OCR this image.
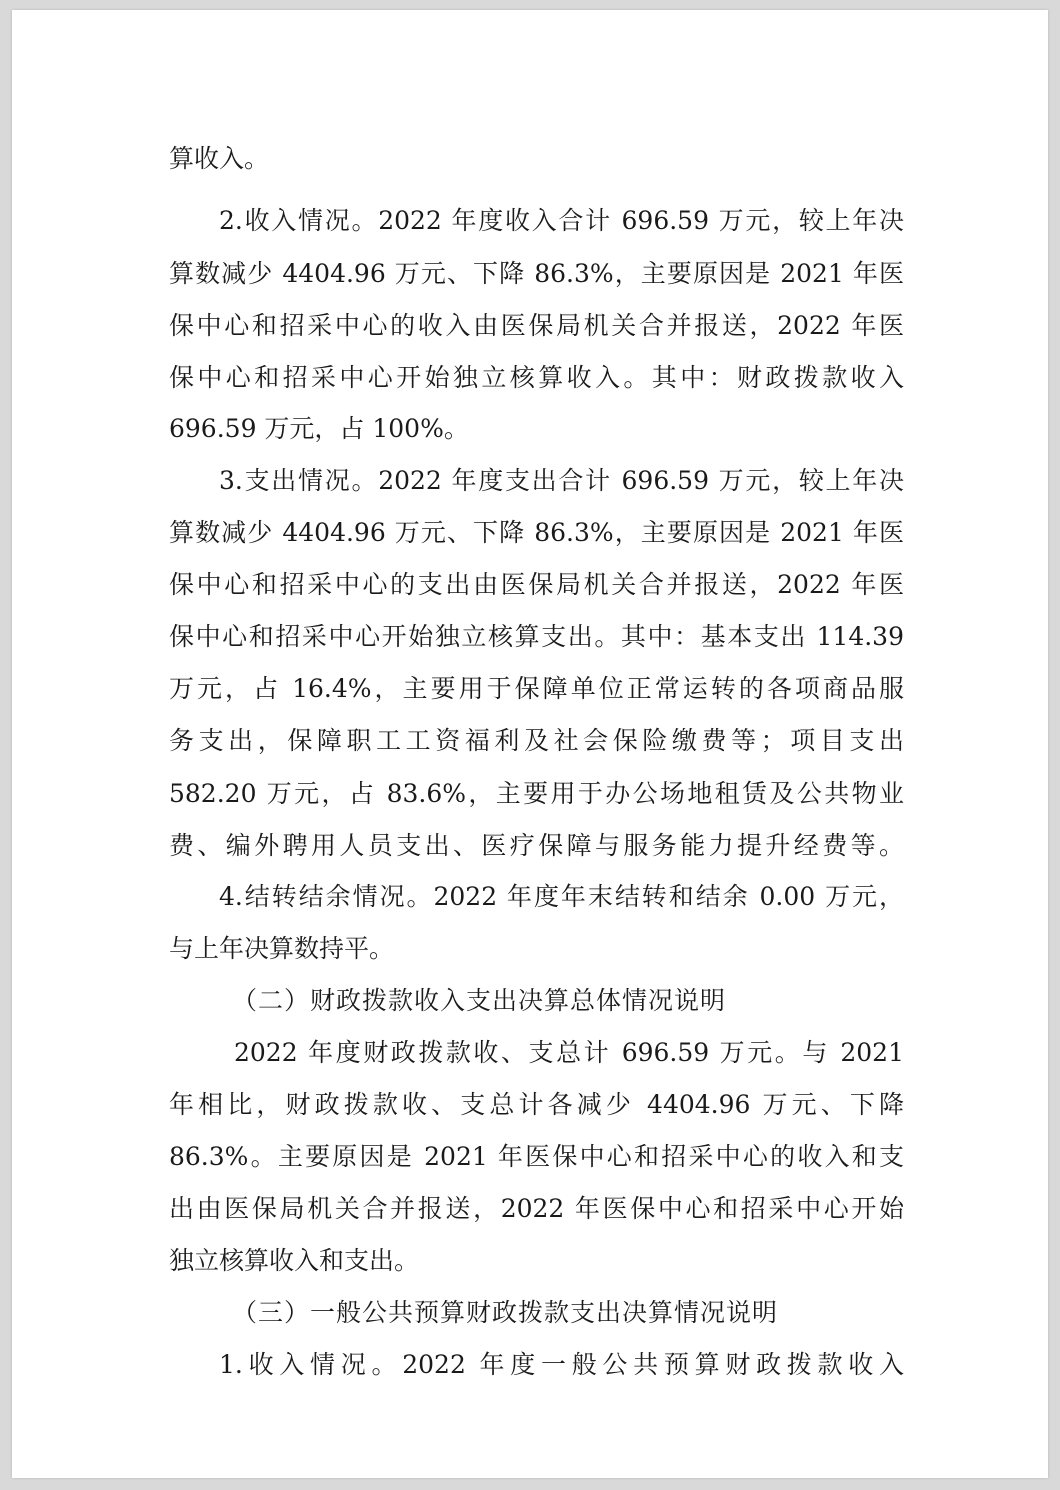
算收入。
2.收入情况。2022 年度收入合计 696.59 万元，较上年决
算数减少 4404.96 万元、下降 86.3%，主要原因是 2021 年医
保中心和招采中心的收入由医保局机关合并报送，2022 年医
保中心和招采中心开始独立核算收入。其中：财政拨款收入
696.59 万元，占 100%。
3.支出情况。2022 年度支出合计 696.59 万元，较上年决
算数减少 4404.96 万元、下降 86.3%，主要原因是 2021 年医
保中心和招采中心的支出由医保局机关合并报送，2022 年医
保中心和招采中心开始独立核算支出。其中：基本支出 114.39
万元，占 16.4%，主要用于保障单位正常运转的各项商品服
务支出，保障职工工资福利及社会保险缴费等；项目支出
582.20 万元，占 83.6%，主要用于办公场地租赁及公共物业
费、编外聘用人员支出、医疗保障与服务能力提升经费等。
4.结转结余情况。2022 年度年末结转和结余 0.00 万元，
与上年决算数持平。
（二）财政拨款收入支出决算总体情况说明
2022 年度财政拨款收、支总计 696.59 万元。与 2021
年相比，财政拨款收、支总计各减少 4404.96 万元、下降
86.3%。主要原因是 2021 年医保中心和招采中心的收入和支
出由医保局机关合并报送，2022 年医保中心和招采中心开始
独立核算收入和支出。
（三）一般公共预算财政拨款支出决算情况说明
1.收入情况。2022 年度一般公共预算财政拨款收入
